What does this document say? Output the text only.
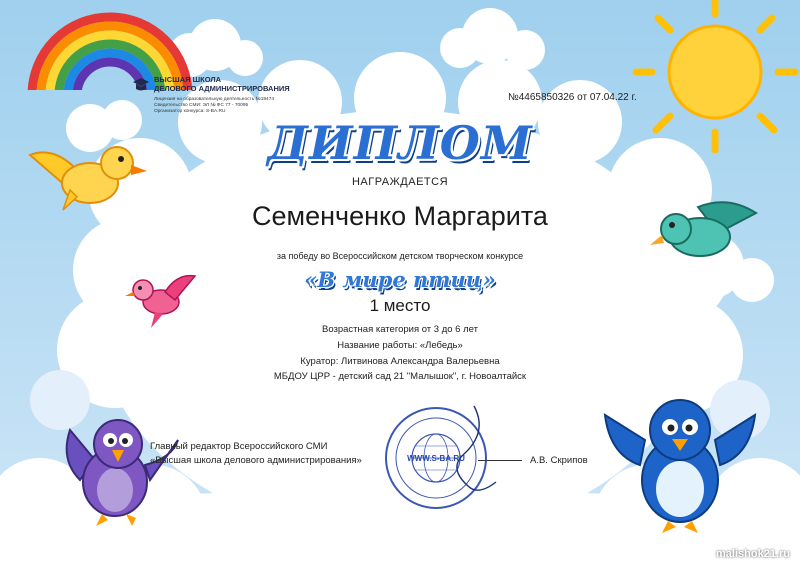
ВЫСШАЯ ШКОЛА
ДЕЛОВОГО АДМИНИСТРИРОВАНИЯ
Лицензия на образовательную деятельность №19474
Свидетельство СМИ: ЭЛ № ФС 77 - 70095
Организатор конкурса: S-BA.RU
№4465850326 от 07.04.22 г.
ДИПЛОМ
НАГРАЖДАЕТСЯ
Семенченко Маргарита
за победу во Всероссийском детском творческом конкурсе
«В мире птиц»
1 место
Возрастная категория от 3 до 6 лет
Название работы: «Лебедь»
Куратор: Литвинова Александра Валерьевна
МБДОУ ЦРР - детский сад 21 "Малышок", г. Новоалтайск
Главный редактор Всероссийского СМИ
«Высшая школа делового администрирования»	WWW.S-BA.RU	А.В. Скрипов
malishok21.ru
